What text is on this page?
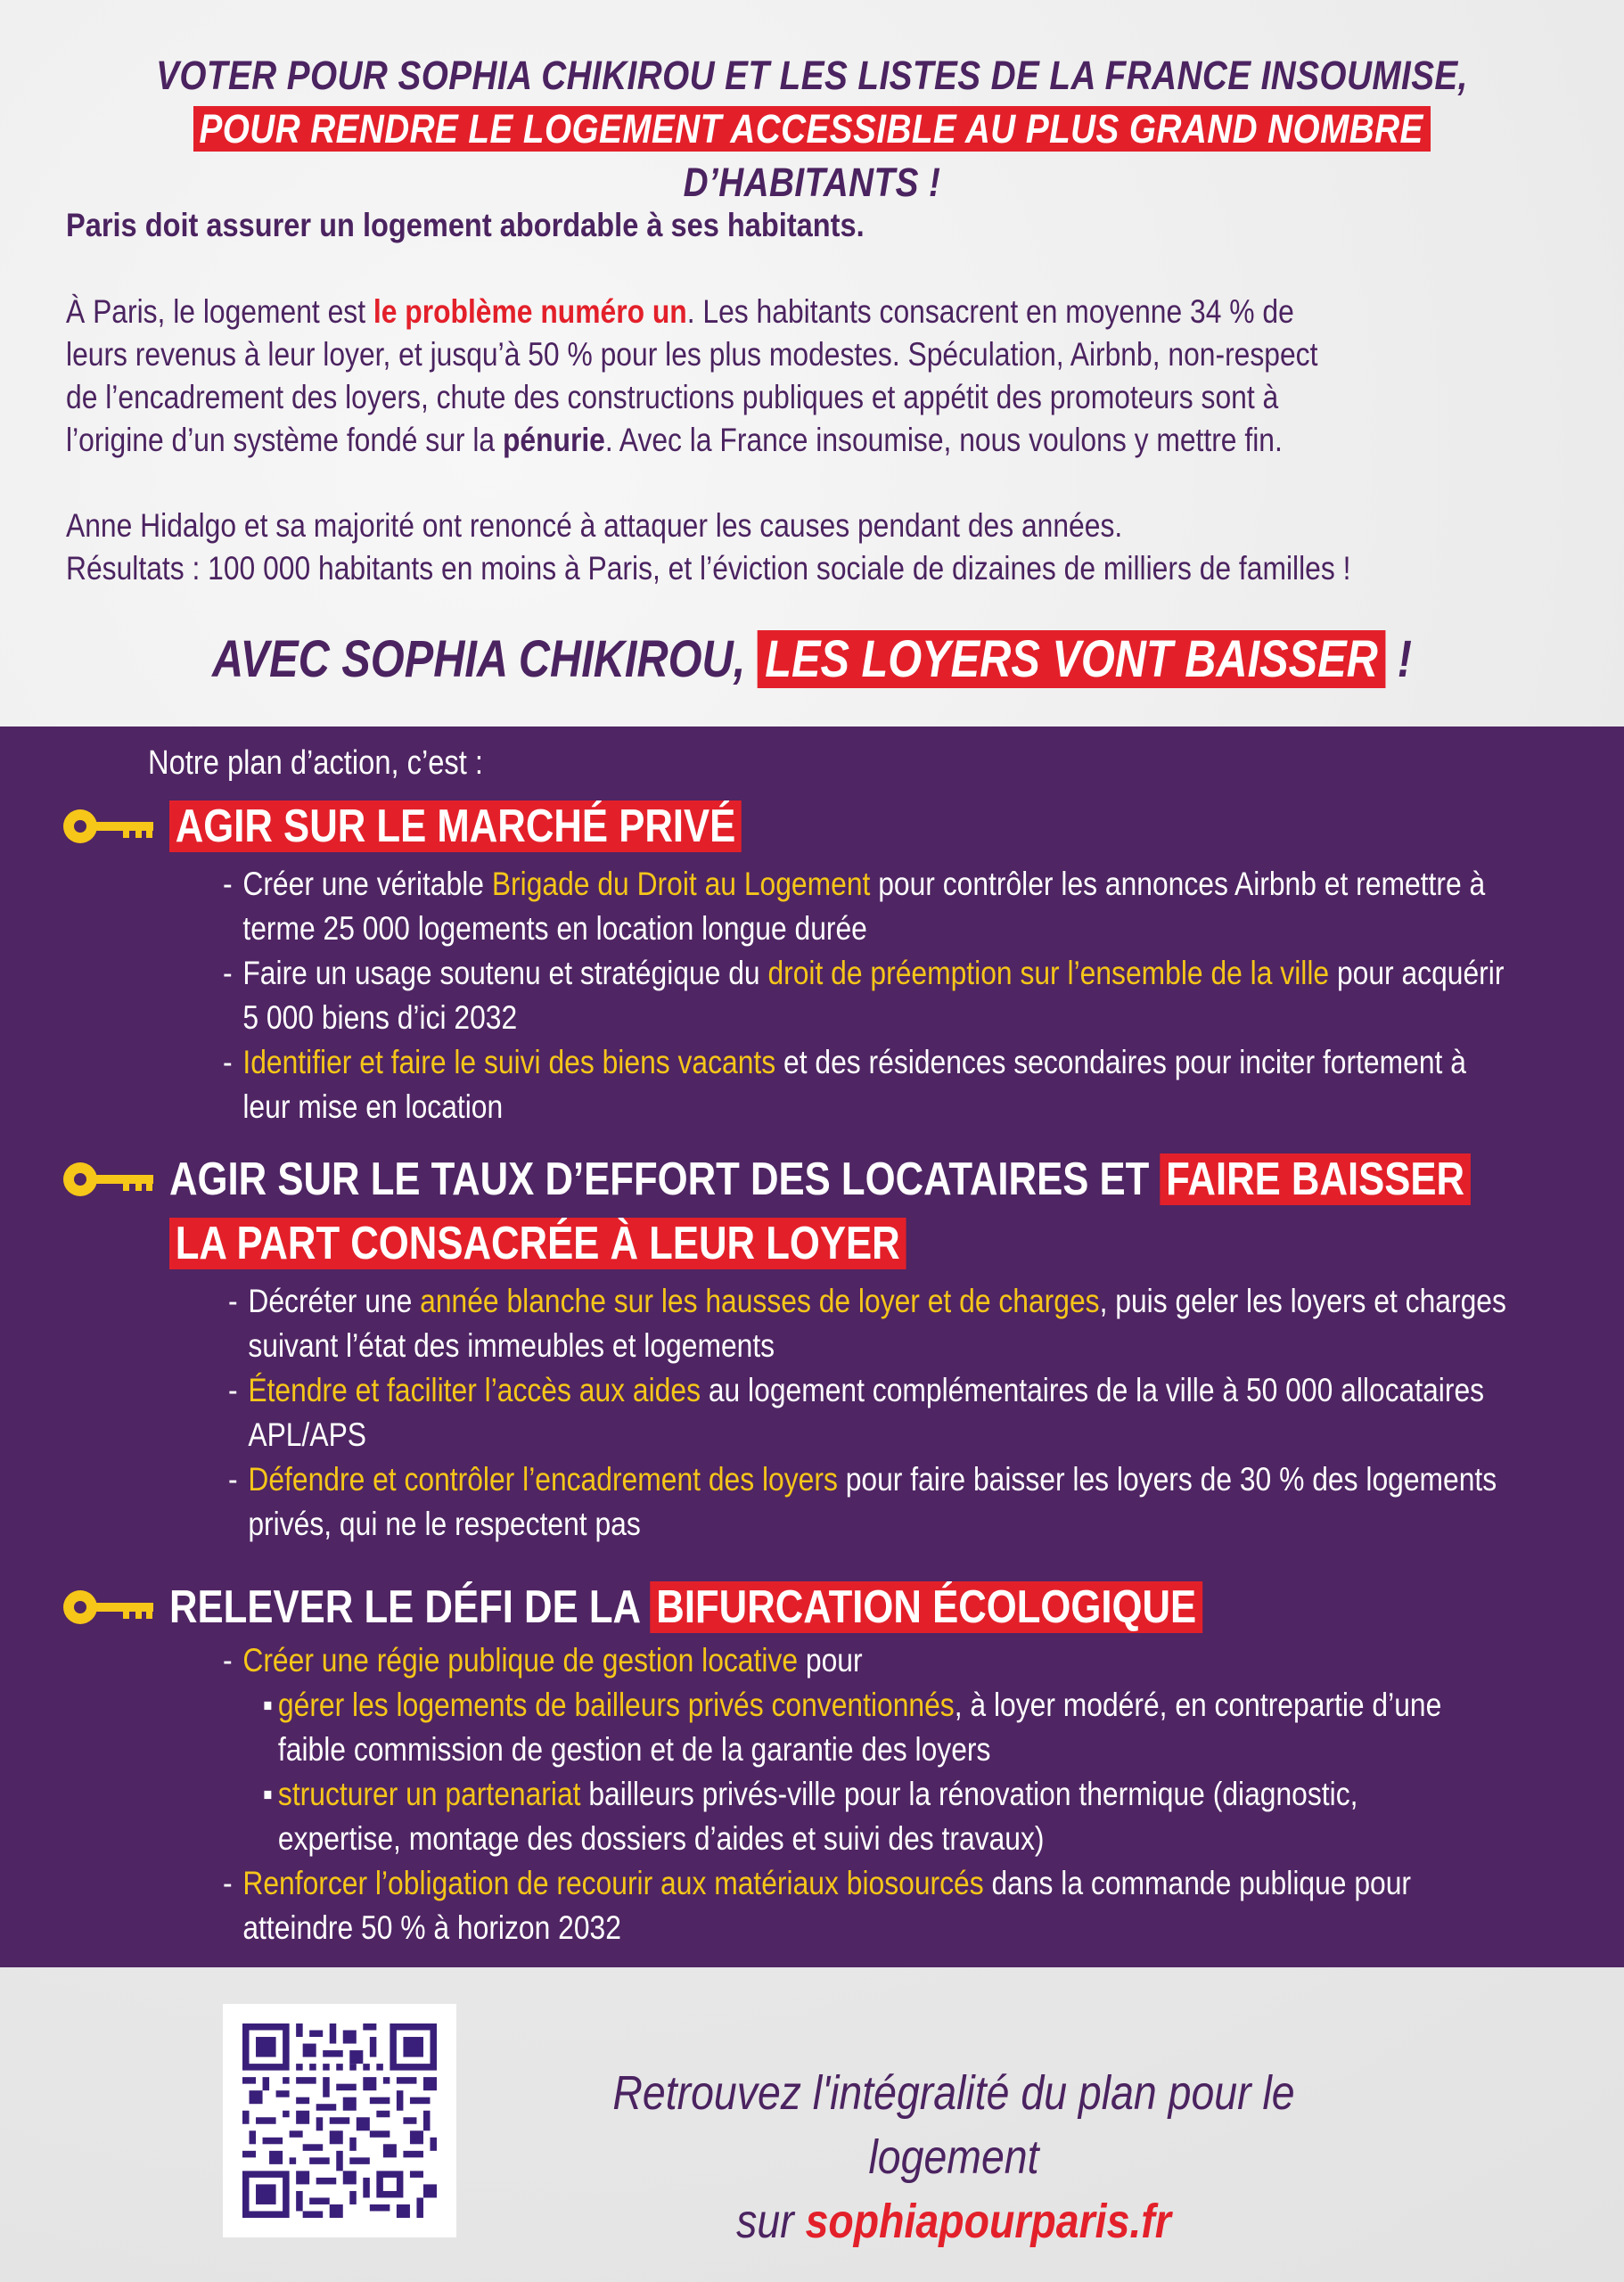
VOTER POUR SOPHIA CHIKIROU ET LES LISTES DE LA FRANCE INSOUMISE,
POUR RENDRE LE LOGEMENT ACCESSIBLE AU PLUS GRAND NOMBRE D’HABITANTS !
Paris doit assurer un logement abordable à ses habitants.
À Paris, le logement est le problème numéro un. Les habitants consacrent en moyenne 34 % de
leurs revenus à leur loyer, et jusqu’à 50 % pour les plus modestes. Spéculation, Airbnb, non-respect
de l’encadrement des loyers, chute des constructions publiques et appétit des promoteurs sont à
l’origine d’un système fondé sur la pénurie. Avec la France insoumise, nous voulons y mettre fin.
Anne Hidalgo et sa majorité ont renoncé à attaquer les causes pendant des années.
Résultats : 100 000 habitants en moins à Paris, et l’éviction sociale de dizaines de milliers de familles !
AVEC SOPHIA CHIKIROU, LES LOYERS VONT BAISSER !
Notre plan d’action, c’est :
AGIR SUR LE MARCHÉ PRIVÉ
- Créer une véritable Brigade du Droit au Logement pour contrôler les annonces Airbnb et remettre à
terme 25 000 logements en location longue durée
- Faire un usage soutenu et stratégique du droit de préemption sur l’ensemble de la ville pour acquérir
5 000 biens d’ici 2032
- Identifier et faire le suivi des biens vacants et des résidences secondaires pour inciter fortement à
leur mise en location
AGIR SUR LE TAUX D’EFFORT DES LOCATAIRES ET FAIRE BAISSER
LA PART CONSACRÉE À LEUR LOYER
- Décréter une année blanche sur les hausses de loyer et de charges, puis geler les loyers et charges
suivant l’état des immeubles et logements
- Étendre et faciliter l’accès aux aides au logement complémentaires de la ville à 50 000 allocataires
APL/APS
- Défendre et contrôler l’encadrement des loyers pour faire baisser les loyers de 30 % des logements
privés, qui ne le respectent pas
RELEVER LE DÉFI DE LA BIFURCATION ÉCOLOGIQUE
- Créer une régie publique de gestion locative pour
▪ gérer les logements de bailleurs privés conventionnés, à loyer modéré, en contrepartie d’une
faible commission de gestion et de la garantie des loyers
▪ structurer un partenariat bailleurs privés-ville pour la rénovation thermique (diagnostic,
expertise, montage des dossiers d’aides et suivi des travaux)
- Renforcer l’obligation de recourir aux matériaux biosourcés dans la commande publique pour
atteindre 50 % à horizon 2032
Retrouvez l'intégralité du plan pour le logement
sur sophiapourparis.fr
